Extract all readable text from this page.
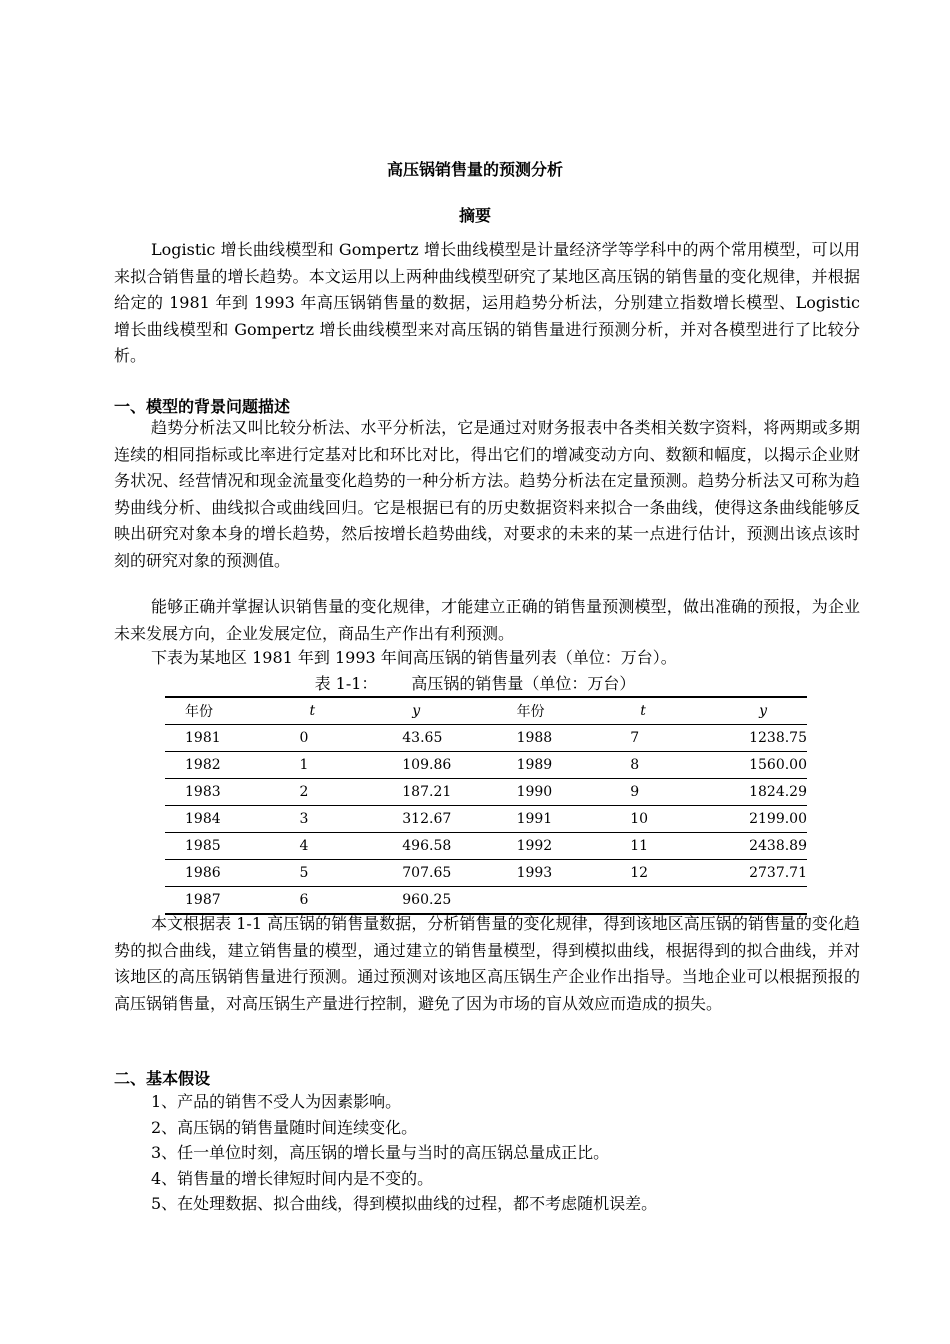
高压锅销售量的预测分析
摘要
Logistic 增长曲线模型和 Gompertz 增长曲线模型是计量经济学等学科中的两个常用模型，可以用来拟合销售量的增长趋势。本文运用以上两种曲线模型研究了某地区高压锅的销售量的变化规律，并根据给定的 1981 年到 1993 年高压锅销售量的数据，运用趋势分析法，分别建立指数增长模型、Logistic 增长曲线模型和 Gompertz 增长曲线模型来对高压锅的销售量进行预测分析，并对各模型进行了比较分析。
一、模型的背景问题描述
趋势分析法又叫比较分析法、水平分析法，它是通过对财务报表中各类相关数字资料，将两期或多期连续的相同指标或比率进行定基对比和环比对比，得出它们的增减变动方向、数额和幅度，以揭示企业财务状况、经营情况和现金流量变化趋势的一种分析方法。趋势分析法在定量预测。趋势分析法又可称为趋势曲线分析、曲线拟合或曲线回归。它是根据已有的历史数据资料来拟合一条曲线，使得这条曲线能够反映出研究对象本身的增长趋势，然后按增长趋势曲线，对要求的未来的某一点进行估计，预测出该点该时刻的研究对象的预测值。
能够正确并掌握认识销售量的变化规律，才能建立正确的销售量预测模型，做出准确的预报，为企业未来发展方向，企业发展定位，商品生产作出有利预测。
下表为某地区 1981 年到 1993 年间高压锅的销售量列表（单位：万台）。
表 1-1： 高压锅的销售量（单位：万台）
年份	t	y	年份	t	y
1981	0	43.65	1988	7	1238.75
1982	1	109.86	1989	8	1560.00
1983	2	187.21	1990	9	1824.29
1984	3	312.67	1991	10	2199.00
1985	4	496.58	1992	11	2438.89
1986	5	707.65	1993	12	2737.71
1987	6	960.25			
本文根据表 1-1 高压锅的销售量数据，分析销售量的变化规律，得到该地区高压锅的销售量的变化趋势的拟合曲线，建立销售量的模型，通过建立的销售量模型，得到模拟曲线，根据得到的拟合曲线，并对该地区的高压锅销售量进行预测。通过预测对该地区高压锅生产企业作出指导。当地企业可以根据预报的高压锅销售量，对高压锅生产量进行控制，避免了因为市场的盲从效应而造成的损失。
二、基本假设
1、产品的销售不受人为因素影响。
2、高压锅的销售量随时间连续变化。
3、任一单位时刻，高压锅的增长量与当时的高压锅总量成正比。
4、销售量的增长律短时间内是不变的。
5、在处理数据、拟合曲线，得到模拟曲线的过程，都不考虑随机误差。
